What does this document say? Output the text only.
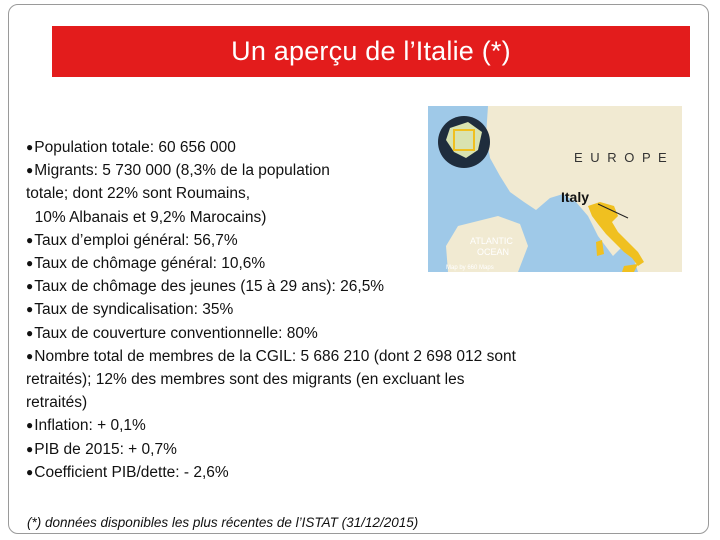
Un aperçu de l’Italie (*)
●Population totale: 60 656 000
●Migrants: 5 730 000 (8,3% de la population
totale; dont 22% sont Roumains,
10% Albanais et 9,2% Marocains)
●Taux d’emploi général: 56,7%
●Taux de chômage général: 10,6%
●Taux de chômage des jeunes (15 à 29 ans): 26,5%
●Taux de syndicalisation: 35%
●Taux de couverture conventionnelle: 80%
●Nombre total de membres de la CGIL: 5 686 210 (dont 2 698 012 sont
retraités); 12% des membres sont des migrants (en excluant les
retraités)
●Inflation: + 0,1%
●PIB de 2015: + 0,7%
●Coefficient PIB/dette: - 2,6%
E U R O P E
Italy
ATLANTIC
OCEAN
Map by 660 Maps
(*) données disponibles les plus récentes de l’ISTAT (31/12/2015)
